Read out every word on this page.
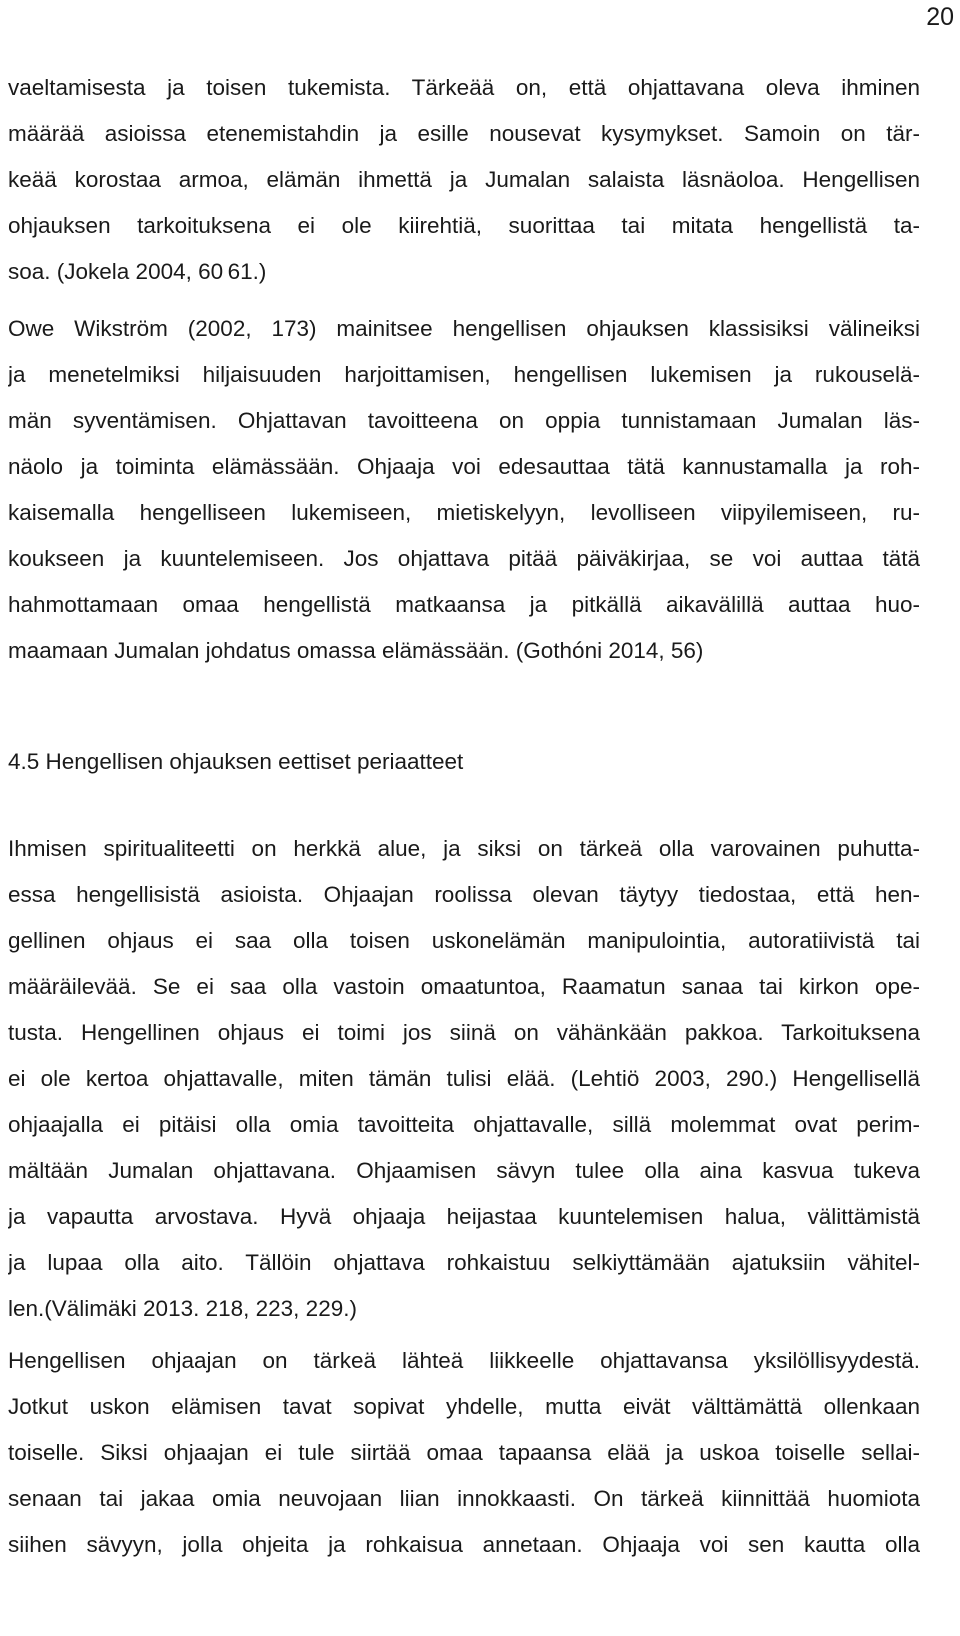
20
vaeltamisesta ja toisen tukemista. Tärkeää on, että ohjattavana oleva ihminen
määrää asioissa etenemistahdin ja esille nousevat kysymykset. Samoin on tär-
keää korostaa armoa, elämän ihmettä ja Jumalan salaista läsnäoloa. Hengellisen
ohjauksen tarkoituksena ei ole kiirehtiä, suorittaa tai mitata hengellistä ta-
soa. (Jokela 2004, 60 61.)
Owe Wikström (2002, 173) mainitsee hengellisen ohjauksen klassisiksi välineiksi
ja menetelmiksi hiljaisuuden harjoittamisen, hengellisen lukemisen ja rukouselä-
män syventämisen. Ohjattavan tavoitteena on oppia tunnistamaan Jumalan läs-
näolo ja toiminta elämässään. Ohjaaja voi edesauttaa tätä kannustamalla ja roh-
kaisemalla hengelliseen lukemiseen, mietiskelyyn, levolliseen viipyilemiseen, ru-
koukseen ja kuuntelemiseen. Jos ohjattava pitää päiväkirjaa, se voi auttaa tätä
hahmottamaan omaa hengellistä matkaansa ja pitkällä aikavälillä auttaa huo-
maamaan Jumalan johdatus omassa elämässään. (Gothóni 2014, 56)
4.5 Hengellisen ohjauksen eettiset periaatteet
Ihmisen spiritualiteetti on herkkä alue, ja siksi on tärkeä olla varovainen puhutta-
essa hengellisistä asioista. Ohjaajan roolissa olevan täytyy tiedostaa, että hen-
gellinen ohjaus ei saa olla toisen uskonelämän manipulointia, autoratiivistä tai
määräilevää. Se ei saa olla vastoin omaatuntoa, Raamatun sanaa tai kirkon ope-
tusta. Hengellinen ohjaus ei toimi jos siinä on vähänkään pakkoa. Tarkoituksena
ei ole kertoa ohjattavalle, miten tämän tulisi elää. (Lehtiö 2003, 290.) Hengellisellä
ohjaajalla ei pitäisi olla omia tavoitteita ohjattavalle, sillä molemmat ovat perim-
mältään Jumalan ohjattavana. Ohjaamisen sävyn tulee olla aina kasvua tukeva
ja vapautta arvostava. Hyvä ohjaaja heijastaa kuuntelemisen halua, välittämistä
ja lupaa olla aito. Tällöin ohjattava rohkaistuu selkiyttämään ajatuksiin vähitel-
len.(Välimäki 2013. 218, 223, 229.)
Hengellisen ohjaajan on tärkeä lähteä liikkeelle ohjattavansa yksilöllisyydestä.
Jotkut uskon elämisen tavat sopivat yhdelle, mutta eivät välttämättä ollenkaan
toiselle. Siksi ohjaajan ei tule siirtää omaa tapaansa elää ja uskoa toiselle sellai-
senaan tai jakaa omia neuvojaan liian innokkaasti. On tärkeä kiinnittää huomiota
siihen sävyyn, jolla ohjeita ja rohkaisua annetaan. Ohjaaja voi sen kautta olla
